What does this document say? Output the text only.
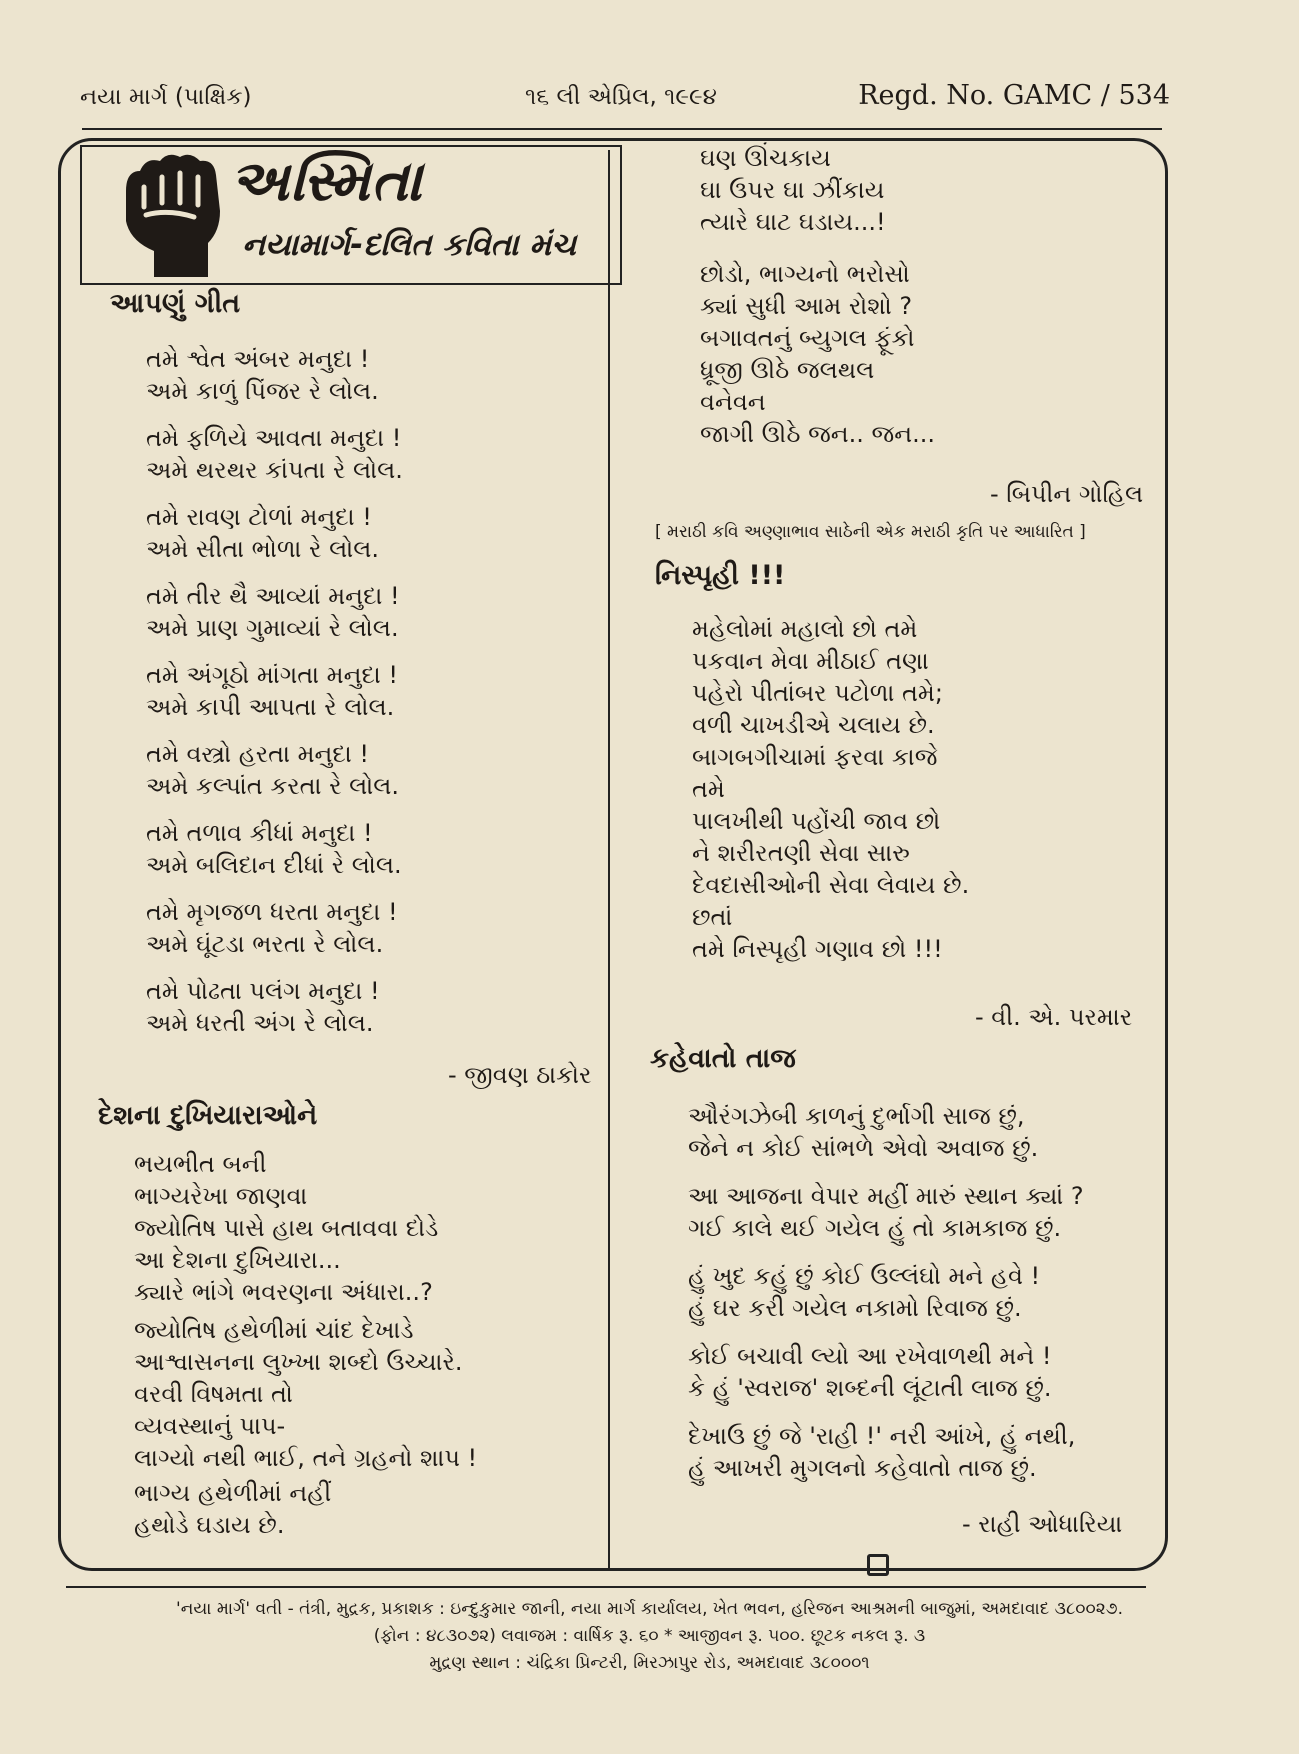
નયા માર્ગ (પાક્ષિક)	૧૬ લી એપ્રિલ, ૧૯૯૪	Regd. No. GAMC / 534
અસ્મિતા
નયામાર્ગ-દલિત કવિતા મંચ
આપણું ગીત
તમે શ્વેત અંબર મનુદા !
અમે કાળું પિંજર રે લોલ.
તમે ફળિયે આવતા મનુદા !
અમે થરથર કાંપતા રે લોલ.
તમે રાવણ ટોળાં મનુદા !
અમે સીતા ભોળા રે લોલ.
તમે તીર થૈ આવ્યાં મનુદા !
અમે પ્રાણ ગુમાવ્યાં રે લોલ.
તમે અંગૂઠો માંગતા મનુદા !
અમે કાપી આપતા રે લોલ.
તમે વસ્ત્રો હરતા મનુદા !
અમે કલ્પાંત કરતા રે લોલ.
તમે તળાવ કીધાં મનુદા !
અમે બલિદાન દીધાં રે લોલ.
તમે મૃગજળ ધરતા મનુદા !
અમે ઘૂંટડા ભરતા રે લોલ.
તમે પોઢતા પલંગ મનુદા !
અમે ધરતી અંગ રે લોલ.
- જીવણ ઠાકોર
દેશના દુખિયારાઓને
ભયભીત બની
ભાગ્યરેખા જાણવા
જ્યોતિષ પાસે હાથ બતાવવા દોડે
આ દેશના દુખિયારા...
ક્યારે ભાંગે ભવરણના અંધારા..?
જ્યોતિષ હથેળીમાં ચાંદ દેખાડે
આશ્વાસનના લુખ્ખા શબ્દો ઉચ્ચારે.
વરવી વિષમતા તો
વ્યવસ્થાનું પાપ-
લાગ્યો નથી ભાઈ, તને ગ્રહનો શાપ !
ભાગ્ય હથેળીમાં નહીં
હથોડે ઘડાય છે.
ઘણ ઊંચકાય
ઘા ઉપર ઘા ઝીંકાય
ત્યારે ઘાટ ઘડાય...!
છોડો, ભાગ્યનો ભરોસો
ક્યાં સુધી આમ રોશો ?
બગાવતનું બ્યુગલ ફૂંકો
ધ્રૂજી ઊઠે જલથલ
વનેવન
જાગી ઊઠે જન.. જન...
- બિપીન ગોહિલ
[ મરાઠી કવિ અણ્ણાભાવ સાઠેની એક મરાઠી કૃતિ પર આધારિત ]
નિસ્પૃહી !!!
મહેલોમાં મહાલો છો તમે
પકવાન મેવા મીઠાઈ તણા
પહેરો પીતાંબર પટોળા તમે;
વળી ચાખડીએ ચલાય છે.
બાગબગીચામાં ફરવા કાજે
તમે
પાલખીથી પહોંચી જાવ છો
ને શરીરતણી સેવા સારુ
દેવદાસીઓની સેવા લેવાય છે.
છતાં
તમે નિસ્પૃહી ગણાવ છો !!!
- વી. એ. પરમાર
કહેવાતો તાજ
ઔરંગઝેબી કાળનું દુર્ભાગી સાજ છું,
જેને ન કોઈ સાંભળે એવો અવાજ છું.
આ આજના વેપાર મહીં મારું સ્થાન ક્યાં ?
ગઈ કાલે થઈ ગયેલ હું તો કામકાજ છું.
હું ખુદ કહું છું કોઈ ઉલ્લંઘો મને હવે !
હું ઘર કરી ગયેલ નકામો રિવાજ છું.
કોઈ બચાવી લ્યો આ રખેવાળથી મને !
કે હું 'સ્વરાજ' શબ્દની લૂંટાતી લાજ છું.
દેખાઉ છું જે 'રાહી !' નરી આંખે, હું નથી,
હું આખરી મુગલનો કહેવાતો તાજ છું.
- રાહી ઓધારિયા
'નયા માર્ગ' વતી - તંત્રી, મુદ્રક, પ્રકાશક : ઇન્દુકુમાર જાની, નયા માર્ગ કાર્યાલય, ખેત ભવન, હરિજન આશ્રમની બાજુમાં, અમદાવાદ ૩૮૦૦૨૭.
(ફોન : ૪૮૩૦૭૨) લવાજમ : વાર્ષિક રૂ. ૬૦ * આજીવન રૂ. ૫૦૦. છૂટક નકલ રૂ. ૩
મુદ્રણ સ્થાન : ચંદ્રિકા પ્રિન્ટરી, મિરઝાપુર રોડ, અમદાવાદ ૩૮૦૦૦૧
